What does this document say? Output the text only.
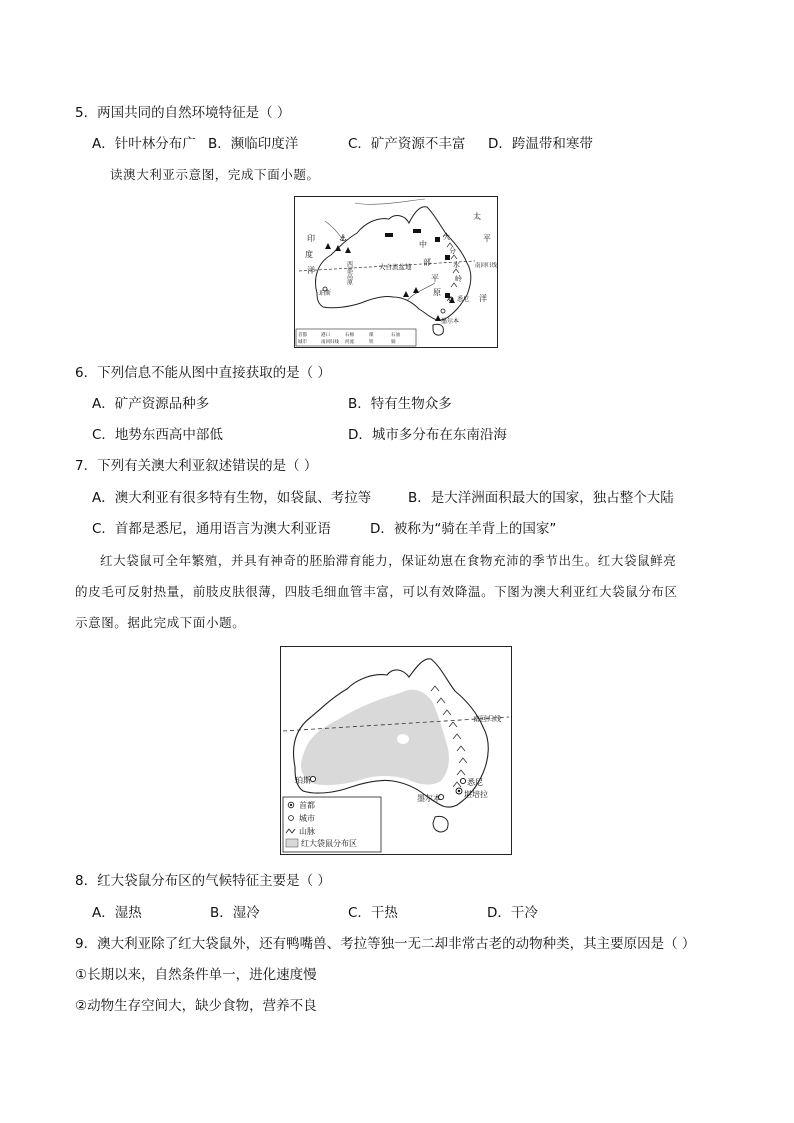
5．两国共同的自然环境特征是（ ）
A．针叶林分布广 B．濒临印度洋	C．矿产资源不丰富 D．跨温带和寒带
读澳大利亚示意图，完成下面小题。
⚓
印
度
洋
太
平
洋
中
部
平
原
大
分
水
岭
西部高原	大自流盆地	南回归线
珀斯
悉尼
墨尔本
首都	港口	石棉	煤	石油
城市	南回归线 河流	铁	铜
6．下列信息不能从图中直接获取的是（ ）
A．矿产资源品种多	B．特有生物众多
C．地势东西高中部低	D．城市多分布在东南沿海
7．下列有关澳大利亚叙述错误的是（ ）
A．澳大利亚有很多特有生物，如袋鼠、考拉等	B．是大洋洲面积最大的国家，独占整个大陆
C．首都是悉尼，通用语言为澳大利亚语	D．被称为“骑在羊背上的国家”
红大袋鼠可全年繁殖，并具有神奇的胚胎滞育能力，保证幼崽在食物充沛的季节出生。红大袋鼠鲜亮
的皮毛可反射热量，前肢皮肤很薄，四肢毛细血管丰富，可以有效降温。下图为澳大利亚红大袋鼠分布区
示意图。据此完成下面小题。
南回归线
珀斯	悉尼
堪培拉
墨尔本
首都
城市
山脉
红大袋鼠分布区
8．红大袋鼠分布区的气候特征主要是（ ）
A．湿热	B．湿冷	C．干热	D．干冷
9．澳大利亚除了红大袋鼠外，还有鸭嘴兽、考拉等独一无二却非常古老的动物种类，其主要原因是（ ）
①长期以来，自然条件单一，进化速度慢
②动物生存空间大，缺少食物，营养不良
